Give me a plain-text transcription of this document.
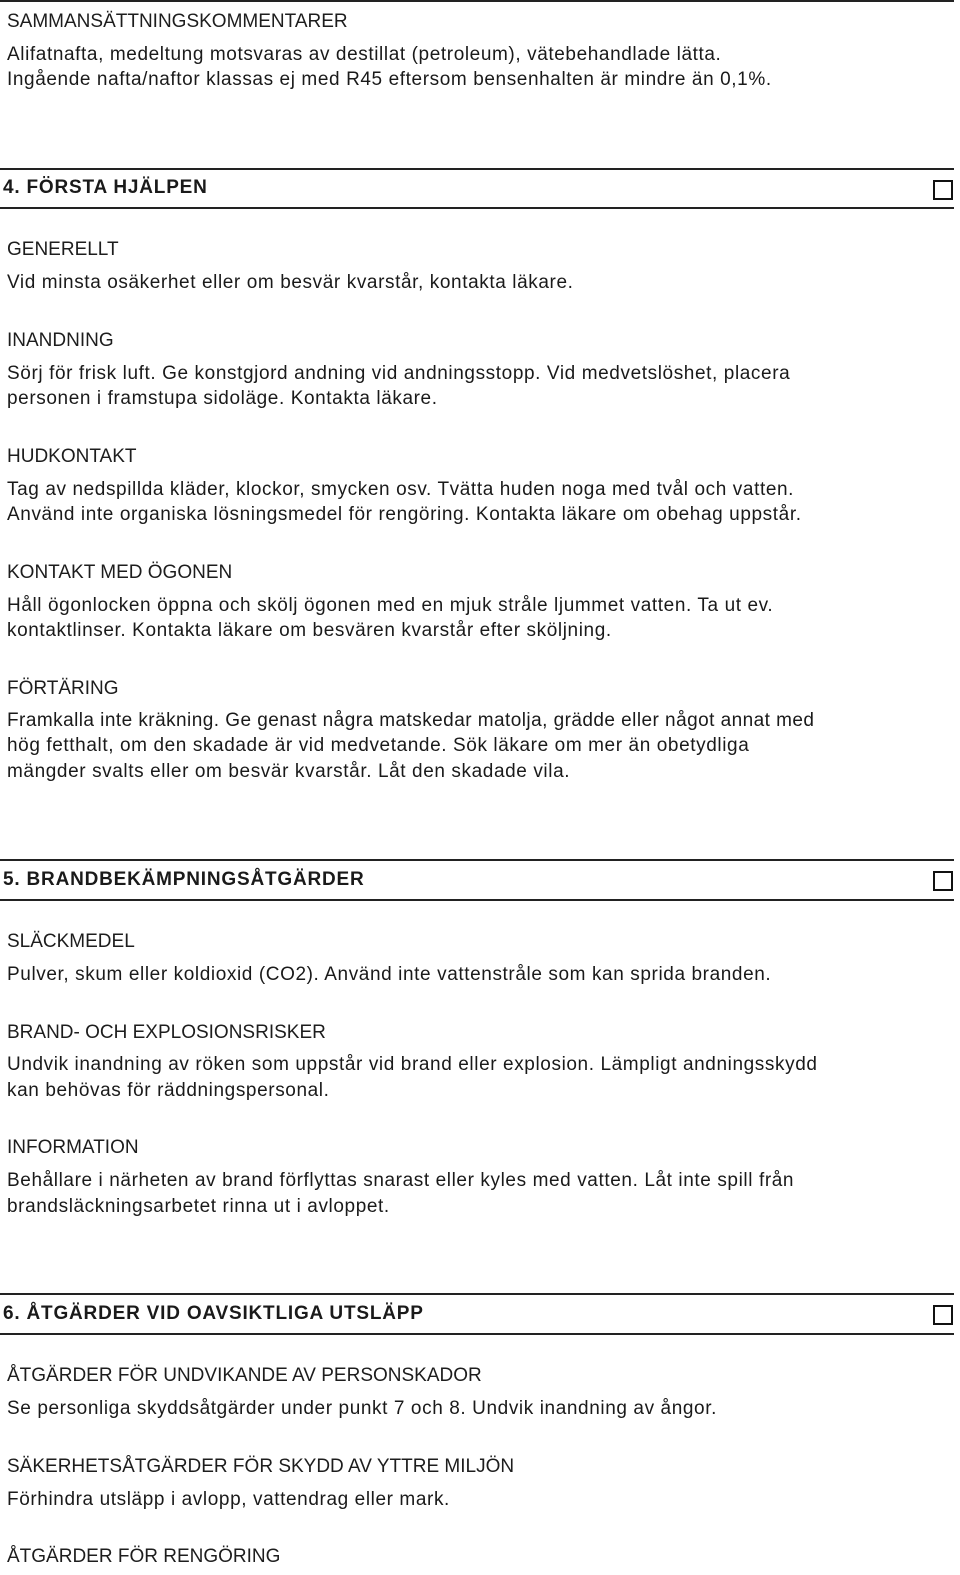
SAMMANSÄTTNINGSKOMMENTARER
Alifatnafta, medeltung motsvaras av destillat (petroleum), vätebehandlade lätta.
Ingående nafta/naftor klassas ej med R45 eftersom bensenhalten är mindre än 0,1%.
4. FÖRSTA HJÄLPEN
GENERELLT
Vid minsta osäkerhet eller om besvär kvarstår, kontakta läkare.
INANDNING
Sörj för frisk luft. Ge konstgjord andning vid andningsstopp. Vid medvetslöshet, placera
personen i framstupa sidoläge. Kontakta läkare.
HUDKONTAKT
Tag av nedspillda kläder, klockor, smycken osv. Tvätta huden noga med tvål och vatten.
Använd inte organiska lösningsmedel för rengöring. Kontakta läkare om obehag uppstår.
KONTAKT MED ÖGONEN
Håll ögonlocken öppna och skölj ögonen med en mjuk stråle ljummet vatten. Ta ut ev.
kontaktlinser. Kontakta läkare om besvären kvarstår efter sköljning.
FÖRTÄRING
Framkalla inte kräkning. Ge genast några matskedar matolja, grädde eller något annat med
hög fetthalt, om den skadade är vid medvetande. Sök läkare om mer än obetydliga
mängder svalts eller om besvär kvarstår. Låt den skadade vila.
5. BRANDBEKÄMPNINGSÅTGÄRDER
SLÄCKMEDEL
Pulver, skum eller koldioxid (CO2). Använd inte vattenstråle som kan sprida branden.
BRAND- OCH EXPLOSIONSRISKER
Undvik inandning av röken som uppstår vid brand eller explosion. Lämpligt andningsskydd
kan behövas för räddningspersonal.
INFORMATION
Behållare i närheten av brand förflyttas snarast eller kyles med vatten. Låt inte spill från
brandsläckningsarbetet rinna ut i avloppet.
6. ÅTGÄRDER VID OAVSIKTLIGA UTSLÄPP
ÅTGÄRDER FÖR UNDVIKANDE AV PERSONSKADOR
Se personliga skyddsåtgärder under punkt 7 och 8. Undvik inandning av ångor.
SÄKERHETSÅTGÄRDER FÖR SKYDD AV YTTRE MILJÖN
Förhindra utsläpp i avlopp, vattendrag eller mark.
ÅTGÄRDER FÖR RENGÖRING
